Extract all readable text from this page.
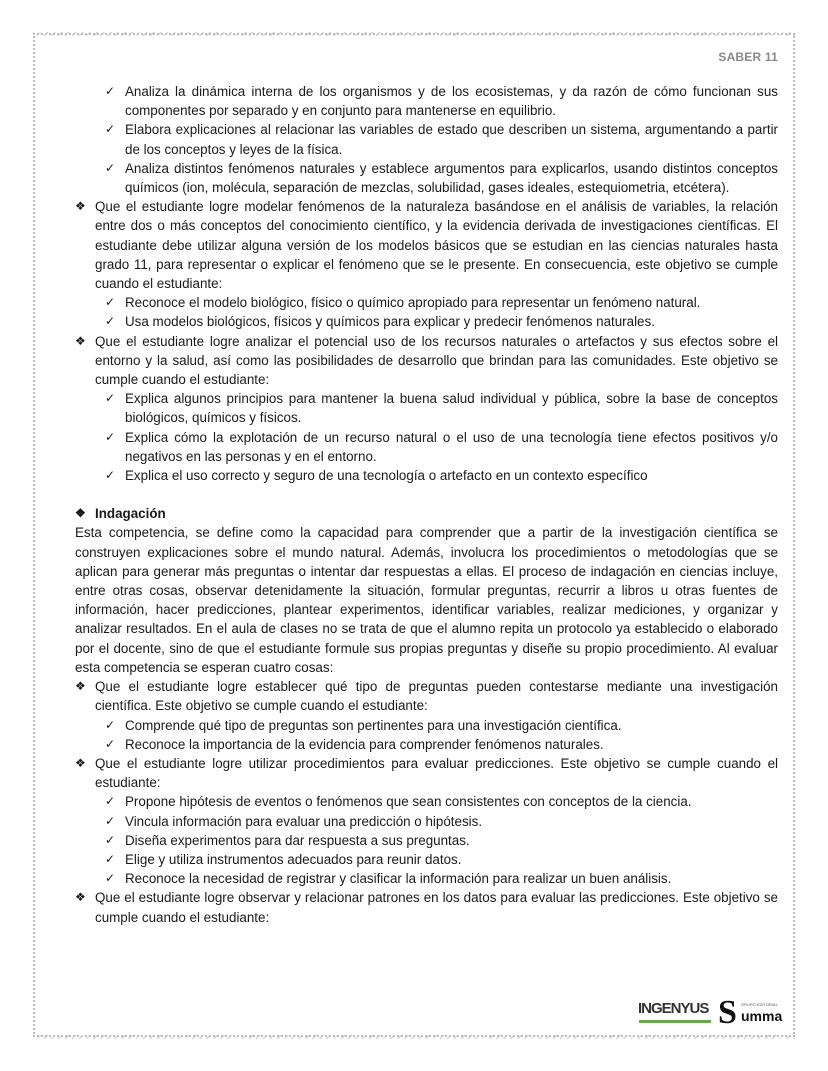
SABER 11
✓ Analiza la dinámica interna de los organismos y de los ecosistemas, y da razón de cómo funcionan sus componentes por separado y en conjunto para mantenerse en equilibrio.
✓ Elabora explicaciones al relacionar las variables de estado que describen un sistema, argumentando a partir de los conceptos y leyes de la física.
✓ Analiza distintos fenómenos naturales y establece argumentos para explicarlos, usando distintos conceptos químicos (ion, molécula, separación de mezclas, solubilidad, gases ideales, estequiometria, etcétera).
❖ Que el estudiante logre modelar fenómenos de la naturaleza basándose en el análisis de variables, la relación entre dos o más conceptos del conocimiento científico, y la evidencia derivada de investigaciones científicas. El estudiante debe utilizar alguna versión de los modelos básicos que se estudian en las ciencias naturales hasta grado 11, para representar o explicar el fenómeno que se le presente. En consecuencia, este objetivo se cumple cuando el estudiante:
✓ Reconoce el modelo biológico, físico o químico apropiado para representar un fenómeno natural.
✓ Usa modelos biológicos, físicos y químicos para explicar y predecir fenómenos naturales.
❖ Que el estudiante logre analizar el potencial uso de los recursos naturales o artefactos y sus efectos sobre el entorno y la salud, así como las posibilidades de desarrollo que brindan para las comunidades. Este objetivo se cumple cuando el estudiante:
✓ Explica algunos principios para mantener la buena salud individual y pública, sobre la base de conceptos biológicos, químicos y físicos.
✓ Explica cómo la explotación de un recurso natural o el uso de una tecnología tiene efectos positivos y/o negativos en las personas y en el entorno.
✓ Explica el uso correcto y seguro de una tecnología o artefacto en un contexto específico
❖ Indagación

Esta competencia, se define como la capacidad para comprender que a partir de la investigación científica se construyen explicaciones sobre el mundo natural. Además, involucra los procedimientos o metodologías que se aplican para generar más preguntas o intentar dar respuestas a ellas. El proceso de indagación en ciencias incluye, entre otras cosas, observar detenidamente la situación, formular preguntas, recurrir a libros u otras fuentes de información, hacer predicciones, plantear experimentos, identificar variables, realizar mediciones, y organizar y analizar resultados. En el aula de clases no se trata de que el alumno repita un protocolo ya establecido o elaborado por el docente, sino de que el estudiante formule sus propias preguntas y diseñe su propio procedimiento. Al evaluar esta competencia se esperan cuatro cosas:

❖ Que el estudiante logre establecer qué tipo de preguntas pueden contestarse mediante una investigación científica. Este objetivo se cumple cuando el estudiante:
✓ Comprende qué tipo de preguntas son pertinentes para una investigación científica.
✓ Reconoce la importancia de la evidencia para comprender fenómenos naturales.
❖ Que el estudiante logre utilizar procedimientos para evaluar predicciones. Este objetivo se cumple cuando el estudiante:
✓ Propone hipótesis de eventos o fenómenos que sean consistentes con conceptos de la ciencia.
✓ Vincula información para evaluar una predicción o hipótesis.
✓ Diseña experimentos para dar respuesta a sus preguntas.
✓ Elige y utiliza instrumentos adecuados para reunir datos.
✓ Reconoce la necesidad de registrar y clasificar la información para realizar un buen análisis.
❖ Que el estudiante logre observar y relacionar patrones en los datos para evaluar las predicciones. Este objetivo se cumple cuando el estudiante:
INGENYUS S GRUPO EDITORIAL
umma
